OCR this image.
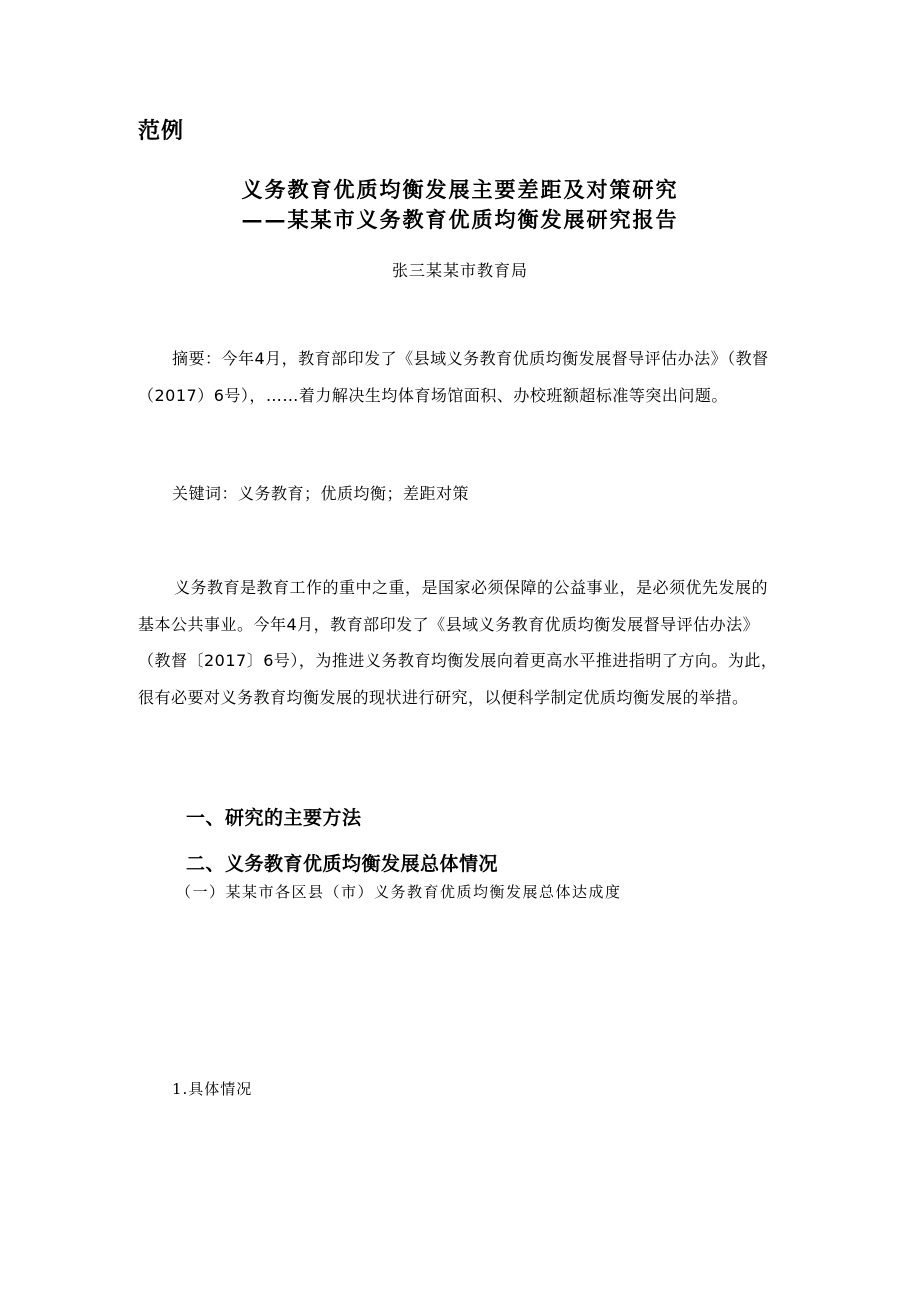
范例
义务教育优质均衡发展主要差距及对策研究
——某某市义务教育优质均衡发展研究报告
张三某某市教育局

摘要：今年4月，教育部印发了《县域义务教育优质均衡发展督导评估办法》（教督（2017）6号），……着力解决生均体育场馆面积、办校班额超标准等突出问题。

关键词：义务教育；优质均衡；差距对策

义务教育是教育工作的重中之重，是国家必须保障的公益事业，是必须优先发展的基本公共事业。今年4月，教育部印发了《县域义务教育优质均衡发展督导评估办法》（教督〔2017〕6号），为推进义务教育均衡发展向着更高水平推进指明了方向。为此，很有必要对义务教育均衡发展的现状进行研究，以便科学制定优质均衡发展的举措。

一、研究的主要方法
二、义务教育优质均衡发展总体情况
（一）某某市各区县（市）义务教育优质均衡发展总体达成度
1.具体情况
